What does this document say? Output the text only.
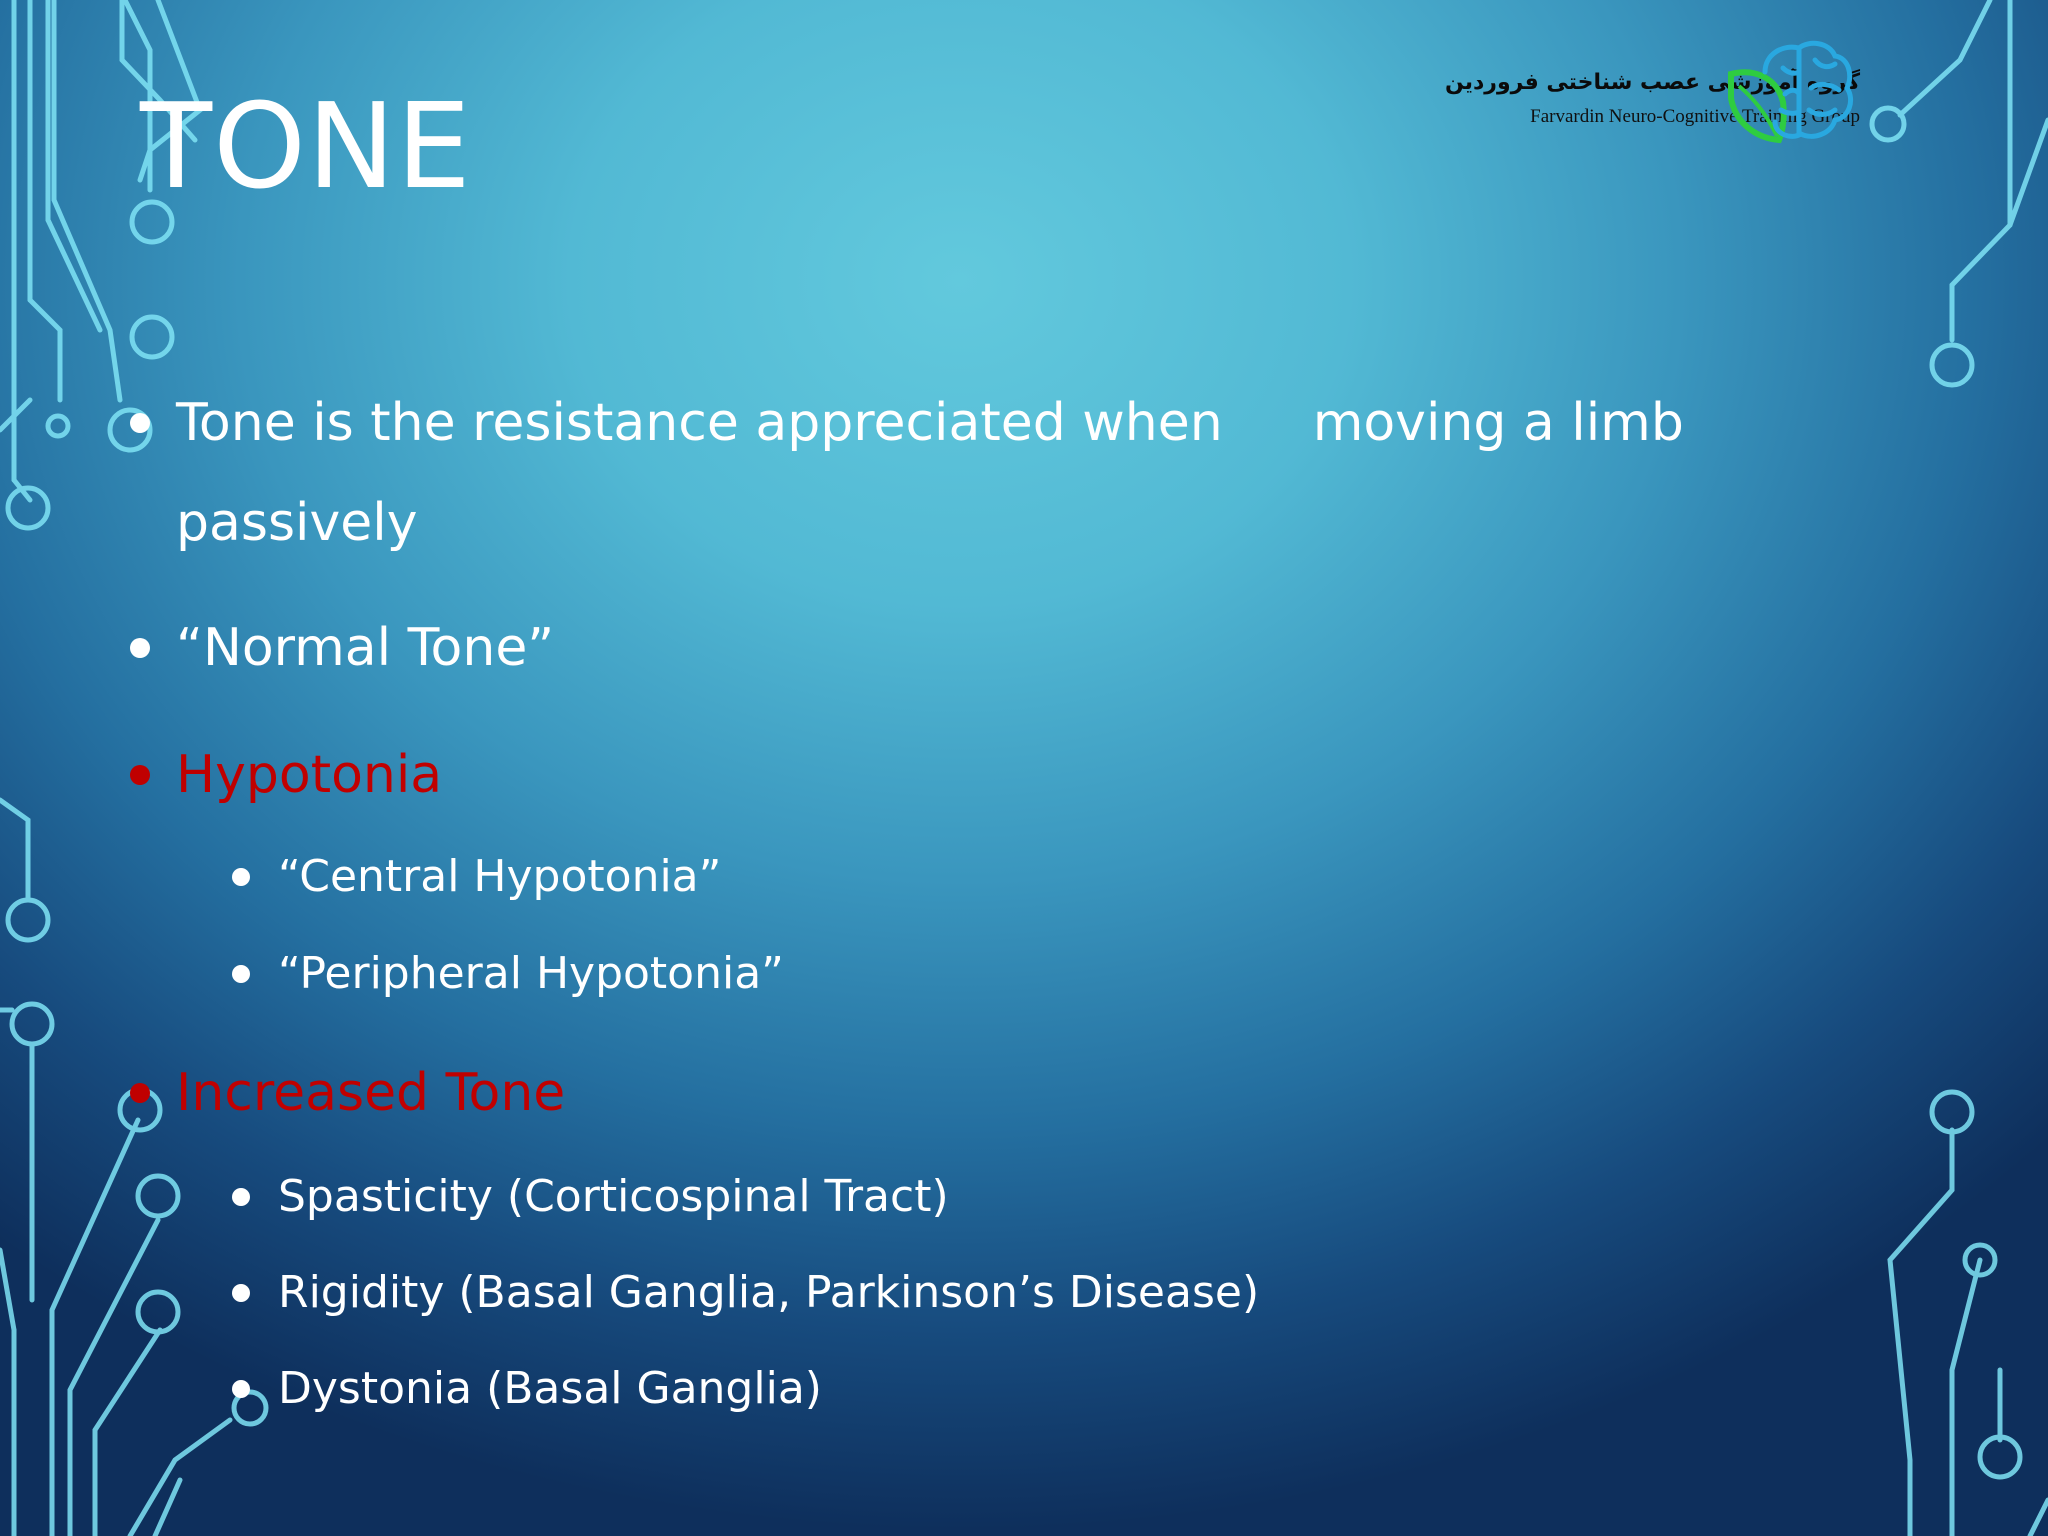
TONE	گروه آموزشی عصب شناختی فروردین
Farvardin Neuro-Cognitive Training Group
Tone is the resistance appreciated when moving a limb
passively
“Normal Tone”
Hypotonia
“Central Hypotonia”
“Peripheral Hypotonia”
Increased Tone
Spasticity (Corticospinal Tract)
Rigidity (Basal Ganglia, Parkinson’s Disease)
Dystonia (Basal Ganglia)
